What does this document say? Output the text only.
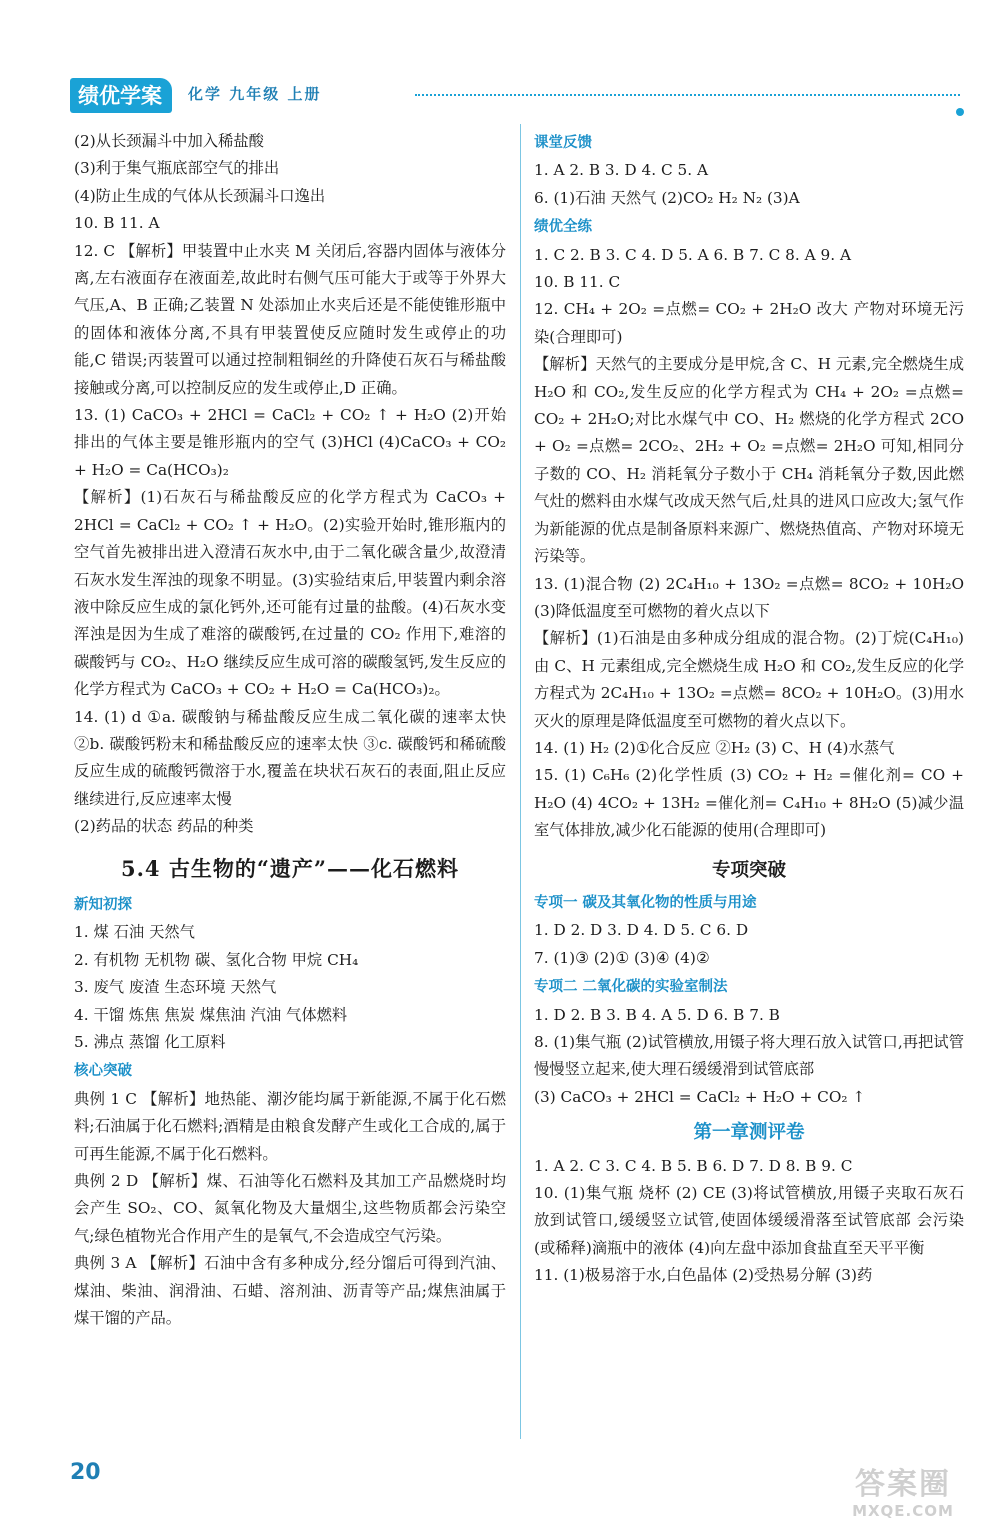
绩优学案	化学 九年级 上册

(2)从长颈漏斗中加入稀盐酸

(3)利于集气瓶底部空气的排出

(4)防止生成的气体从长颈漏斗口逸出

10. B 11. A

12. C 【解析】甲装置中止水夹 M 关闭后,容器内固体与液体分离,左右液面存在液面差,故此时右侧气压可能大于或等于外界大气压,A、B 正确;乙装置 N 处添加止水夹后还是不能使锥形瓶中的固体和液体分离,不具有甲装置使反应随时发生或停止的功能,C 错误;丙装置可以通过控制粗铜丝的升降使石灰石与稀盐酸接触或分离,可以控制反应的发生或停止,D 正确。

13. (1) CaCO₃ + 2HCl = CaCl₂ + CO₂ ↑ + H₂O (2)开始排出的气体主要是锥形瓶内的空气 (3)HCl (4)CaCO₃ + CO₂ + H₂O = Ca(HCO₃)₂

【解析】(1)石灰石与稀盐酸反应的化学方程式为 CaCO₃ + 2HCl = CaCl₂ + CO₂ ↑ + H₂O。(2)实验开始时,锥形瓶内的空气首先被排出进入澄清石灰水中,由于二氧化碳含量少,故澄清石灰水发生浑浊的现象不明显。(3)实验结束后,甲装置内剩余溶液中除反应生成的氯化钙外,还可能有过量的盐酸。(4)石灰水变浑浊是因为生成了难溶的碳酸钙,在过量的 CO₂ 作用下,难溶的碳酸钙与 CO₂、H₂O 继续反应生成可溶的碳酸氢钙,发生反应的化学方程式为 CaCO₃ + CO₂ + H₂O = Ca(HCO₃)₂。

14. (1) d ①a. 碳酸钠与稀盐酸反应生成二氧化碳的速率太快 ②b. 碳酸钙粉末和稀盐酸反应的速率太快 ③c. 碳酸钙和稀硫酸反应生成的硫酸钙微溶于水,覆盖在块状石灰石的表面,阻止反应继续进行,反应速率太慢

(2)药品的状态 药品的种类

5.4 古生物的“遗产”——化石燃料
新知初探

1. 煤 石油 天然气

2. 有机物 无机物 碳、氢化合物 甲烷 CH₄

3. 废气 废渣 生态环境 天然气

4. 干馏 炼焦 焦炭 煤焦油 汽油 气体燃料

5. 沸点 蒸馏 化工原料

核心突破

典例 1 C 【解析】地热能、潮汐能均属于新能源,不属于化石燃料;石油属于化石燃料;酒精是由粮食发酵产生或化工合成的,属于可再生能源,不属于化石燃料。

典例 2 D 【解析】煤、石油等化石燃料及其加工产品燃烧时均会产生 SO₂、CO、氮氧化物及大量烟尘,这些物质都会污染空气;绿色植物光合作用产生的是氧气,不会造成空气污染。

典例 3 A 【解析】石油中含有多种成分,经分馏后可得到汽油、煤油、柴油、润滑油、石蜡、溶剂油、沥青等产品;煤焦油属于煤干馏的产品。

课堂反馈

1. A 2. B 3. D 4. C 5. A

6. (1)石油 天然气 (2)CO₂ H₂ N₂ (3)A

绩优全练

1. C 2. B 3. C 4. D 5. A 6. B 7. C 8. A 9. A

10. B 11. C

12. CH₄ + 2O₂ =点燃= CO₂ + 2H₂O 改大 产物对环境无污染(合理即可)

【解析】天然气的主要成分是甲烷,含 C、H 元素,完全燃烧生成 H₂O 和 CO₂,发生反应的化学方程式为 CH₄ + 2O₂ =点燃= CO₂ + 2H₂O;对比水煤气中 CO、H₂ 燃烧的化学方程式 2CO + O₂ =点燃= 2CO₂、2H₂ + O₂ =点燃= 2H₂O 可知,相同分子数的 CO、H₂ 消耗氧分子数小于 CH₄ 消耗氧分子数,因此燃气灶的燃料由水煤气改成天然气后,灶具的进风口应改大;氢气作为新能源的优点是制备原料来源广、燃烧热值高、产物对环境无污染等。

13. (1)混合物 (2) 2C₄H₁₀ + 13O₂ =点燃= 8CO₂ + 10H₂O (3)降低温度至可燃物的着火点以下

【解析】(1)石油是由多种成分组成的混合物。(2)丁烷(C₄H₁₀)由 C、H 元素组成,完全燃烧生成 H₂O 和 CO₂,发生反应的化学方程式为 2C₄H₁₀ + 13O₂ =点燃= 8CO₂ + 10H₂O。(3)用水灭火的原理是降低温度至可燃物的着火点以下。

14. (1) H₂ (2)①化合反应 ②H₂ (3) C、H (4)水蒸气

15. (1) C₆H₆ (2)化学性质 (3) CO₂ + H₂ =催化剂= CO + H₂O (4) 4CO₂ + 13H₂ =催化剂= C₄H₁₀ + 8H₂O (5)减少温室气体排放,减少化石能源的使用(合理即可)

专项突破
专项一 碳及其氧化物的性质与用途

1. D 2. D 3. D 4. D 5. C 6. D

7. (1)③ (2)① (3)④ (4)②

专项二 二氧化碳的实验室制法

1. D 2. B 3. B 4. A 5. D 6. B 7. B

8. (1)集气瓶 (2)试管横放,用镊子将大理石放入试管口,再把试管慢慢竖立起来,使大理石缓缓滑到试管底部

(3) CaCO₃ + 2HCl = CaCl₂ + H₂O + CO₂ ↑

第一章测评卷

1. A 2. C 3. C 4. B 5. B 6. D 7. D 8. B 9. C

10. (1)集气瓶 烧杯 (2) CE (3)将试管横放,用镊子夹取石灰石放到试管口,缓缓竖立试管,使固体缓缓滑落至试管底部 会污染(或稀释)滴瓶中的液体 (4)向左盘中添加食盐直至天平平衡

11. (1)极易溶于水,白色晶体 (2)受热易分解 (3)药

20	答案圈
MXQE.COM
